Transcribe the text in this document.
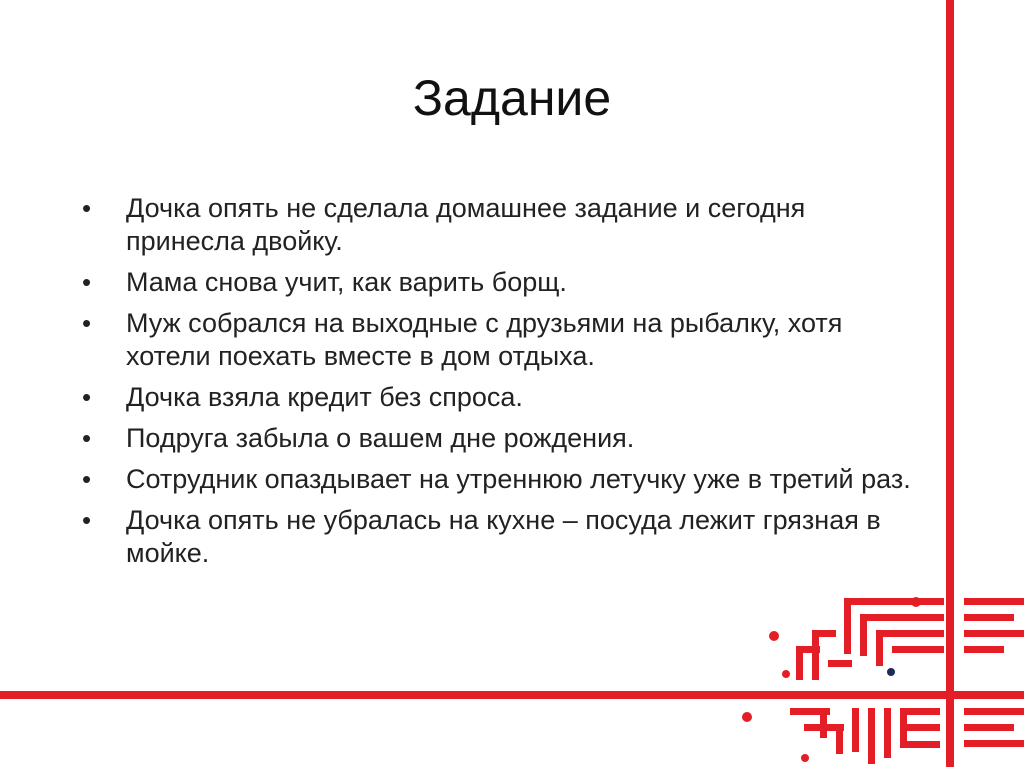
Задание
• Дочка опять не сделала домашнее задание и сегодня принесла двойку.
• Мама снова учит, как варить борщ.
• Муж собрался на выходные с друзьями на рыбалку, хотя хотели поехать вместе в дом отдыха.
• Дочка взяла кредит без спроса.
• Подруга забыла о вашем дне рождения.
• Сотрудник опаздывает на утреннюю летучку уже в третий раз.
• Дочка опять не убралась на кухне – посуда лежит грязная в мойке.
